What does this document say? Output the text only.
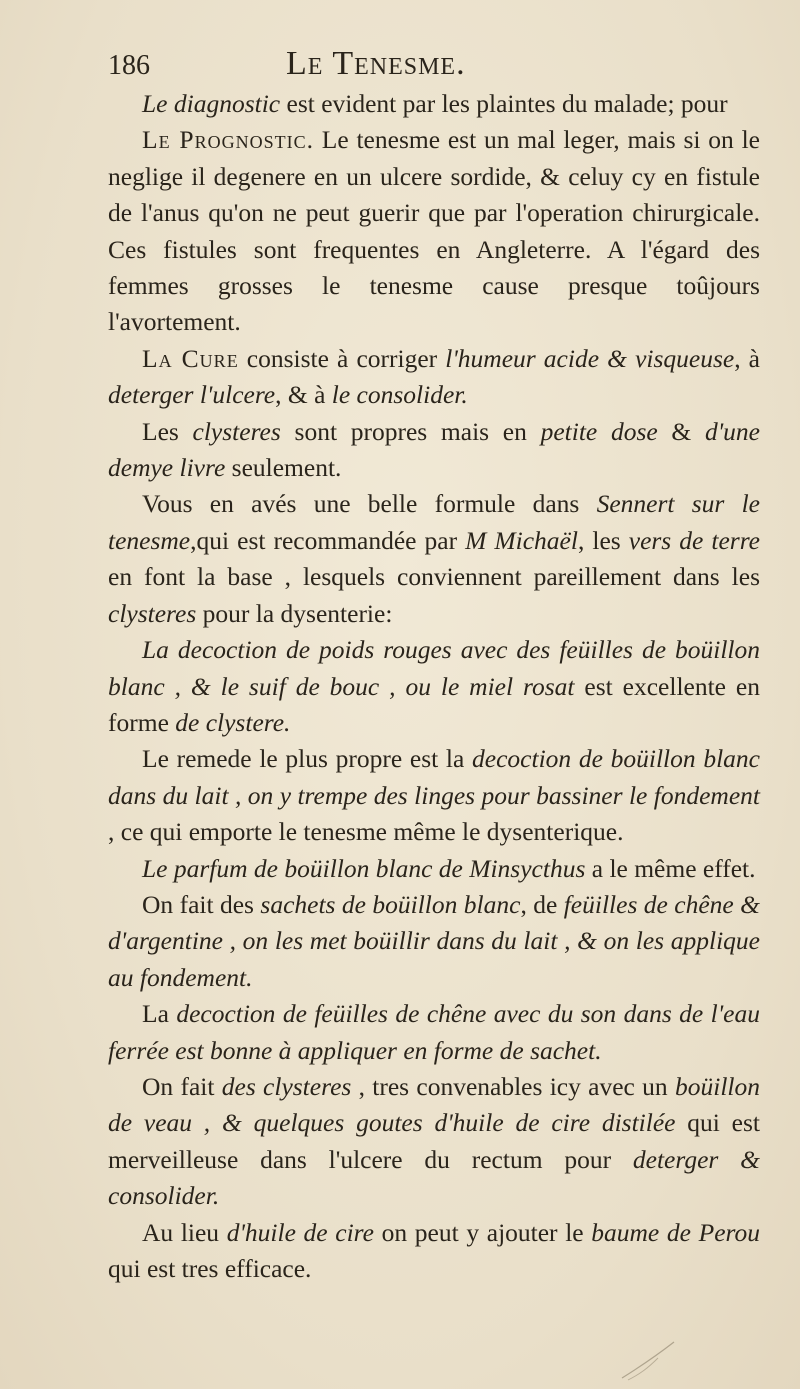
186	Le Tenesme.

Le diagnostic est evident par les plaintes du malade; pour

Le Prognostic. Le tenesme est un mal leger, mais si on le neglige il degenere en un ulcere sordide, & celuy cy en fistule de l'anus qu'on ne peut guerir que par l'operation chirurgicale. Ces fistules sont frequentes en Angleterre. A l'égard des femmes grosses le tenesme cause presque toûjours l'avortement.

La Cure consiste à corriger l'humeur acide & visqueuse, à deterger l'ulcere, & à le consolider.

Les clysteres sont propres mais en petite dose & d'une demye livre seulement.

Vous en avés une belle formule dans Sennert sur le tenesme,qui est recommandée par M Michaël, les vers de terre en font la base , lesquels conviennent pareillement dans les clysteres pour la dysenterie:

La decoction de poids rouges avec des feüilles de boüillon blanc , & le suif de bouc , ou le miel rosat est excellente en forme de clystere.

Le remede le plus propre est la decoction de boüillon blanc dans du lait , on y trempe des linges pour bassiner le fondement , ce qui emporte le tenesme même le dysenterique.

Le parfum de boüillon blanc de Minsycthus a le même effet.

On fait des sachets de boüillon blanc, de feüilles de chêne & d'argentine , on les met boüillir dans du lait , & on les applique au fondement.

La decoction de feüilles de chêne avec du son dans de l'eau ferrée est bonne à appliquer en forme de sachet.

On fait des clysteres , tres convenables icy avec un boüillon de veau , & quelques goutes d'huile de cire distilée qui est merveilleuse dans l'ulcere du rectum pour deterger & consolider.

Au lieu d'huile de cire on peut y ajouter le baume de Perou qui est tres efficace.
